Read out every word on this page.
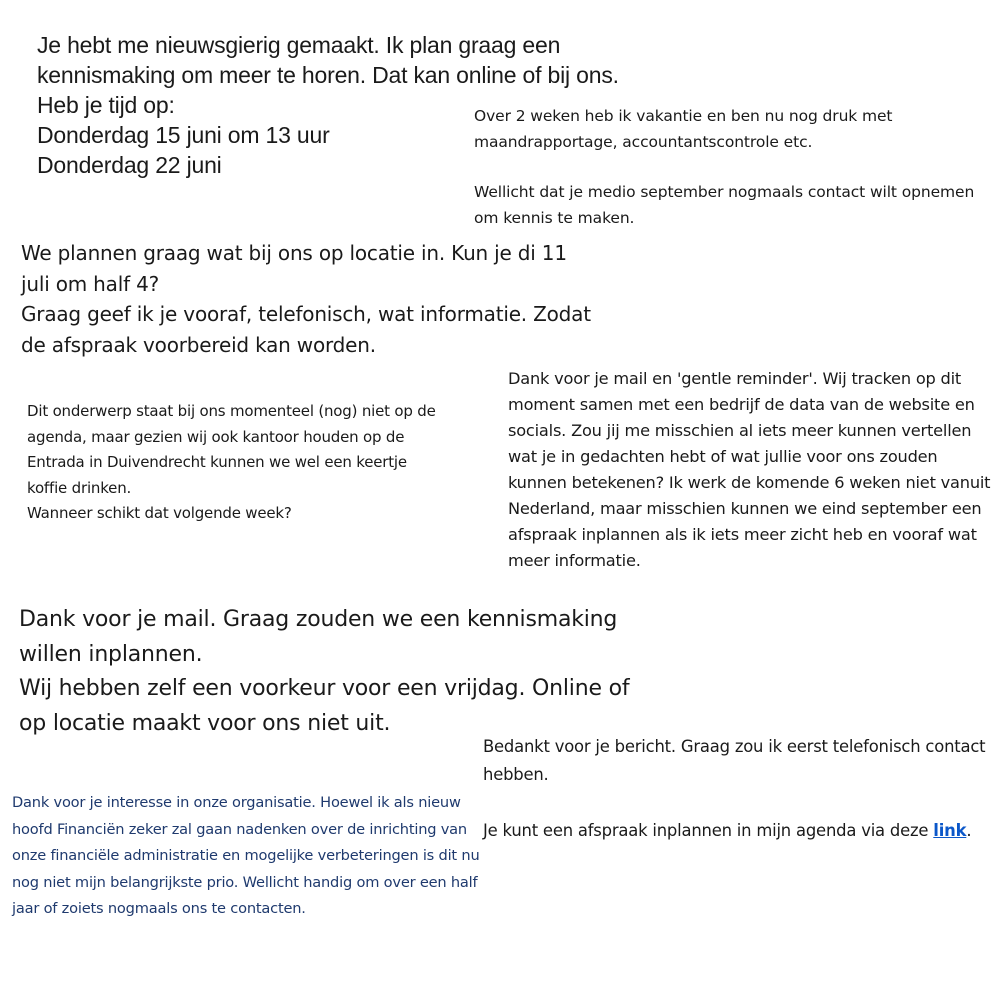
Je hebt me nieuwsgierig gemaakt. Ik plan graag een

kennismaking om meer te horen. Dat kan online of bij ons.

Heb je tijd op:

Donderdag 15 juni om 13 uur

Donderdag 22 juni

Over 2 weken heb ik vakantie en ben nu nog druk met maandrapportage, accountantscontrole etc.

Wellicht dat je medio september nogmaals contact wilt opnemen om kennis te maken.

We plannen graag wat bij ons op locatie in. Kun je di 11

juli om half 4?

Graag geef ik je vooraf, telefonisch, wat informatie. Zodat

de afspraak voorbereid kan worden.

Dank voor je mail en 'gentle reminder'. Wij tracken op dit moment samen met een bedrijf de data van de website en socials. Zou jij me misschien al iets meer kunnen vertellen wat je in gedachten hebt of wat jullie voor ons zouden kunnen betekenen? Ik werk de komende 6 weken niet vanuit Nederland, maar misschien kunnen we eind september een afspraak inplannen als ik iets meer zicht heb en vooraf wat meer informatie.

Dit onderwerp staat bij ons momenteel (nog) niet op de

agenda, maar gezien wij ook kantoor houden op de

Entrada in Duivendrecht kunnen we wel een keertje

koffie drinken.

Wanneer schikt dat volgende week?

Dank voor je mail. Graag zouden we een kennismaking

willen inplannen.

Wij hebben zelf een voorkeur voor een vrijdag. Online of

op locatie maakt voor ons niet uit.

Bedankt voor je bericht. Graag zou ik eerst telefonisch contact hebben.

Je kunt een afspraak inplannen in mijn agenda via deze link.

Dank voor je interesse in onze organisatie. Hoewel ik als nieuw hoofd Financiën zeker zal gaan nadenken over de inrichting van onze financiële administratie en mogelijke verbeteringen is dit nu nog niet mijn belangrijkste prio. Wellicht handig om over een half jaar of zoiets nogmaals ons te contacten.
